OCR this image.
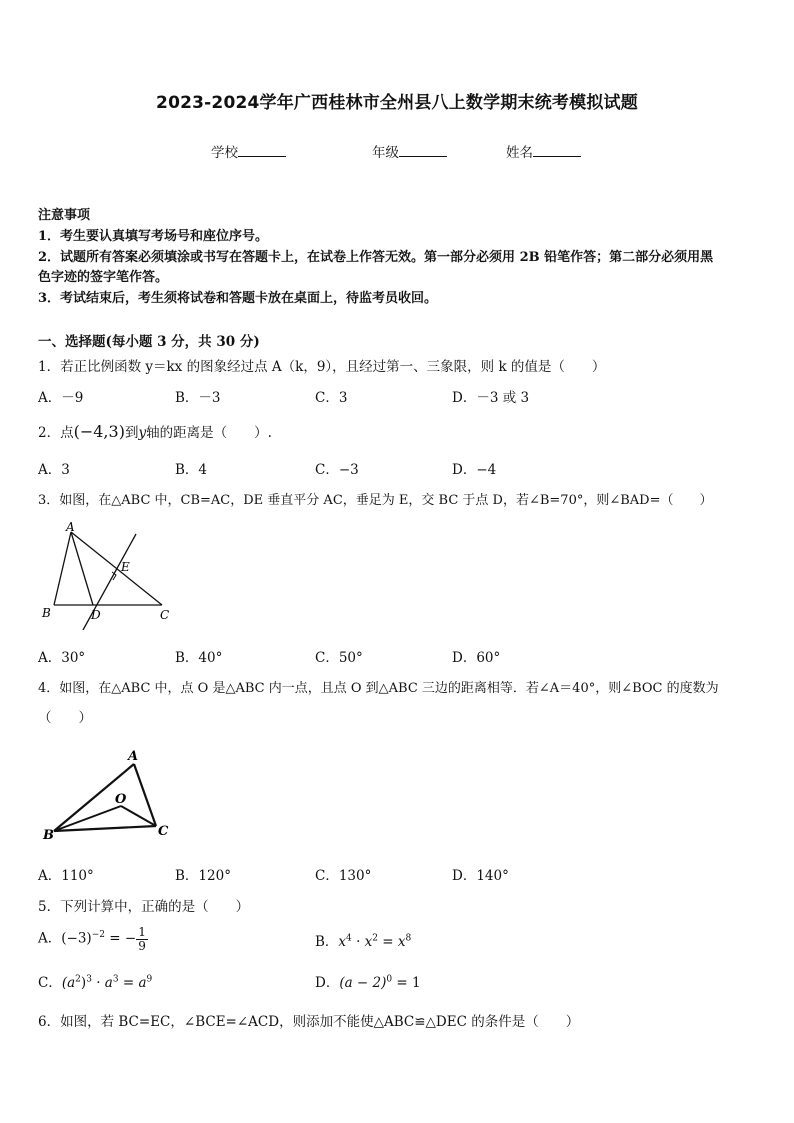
2023-2024学年广西桂林市全州县八上数学期末统考模拟试题
学校	年级	姓名
注意事项
1．考生要认真填写考场号和座位序号。
2．试题所有答案必须填涂或书写在答题卡上，在试卷上作答无效。第一部分必须用 2B 铅笔作答；第二部分必须用黑
色字迹的签字笔作答。
3．考试结束后，考生须将试卷和答题卡放在桌面上，待监考员收回。
一、选择题(每小题 3 分，共 30 分)
1．若正比例函数 y＝kx 的图象经过点 A（k，9），且经过第一、三象限，则 k 的值是（　　）
A．－9	B．－3	C．3	D．－3 或 3
2．点(−4,3)到y轴的距离是（　　）.
A．3	B．4	C．−3	D．−4
3．如图，在△ABC 中，CB=AC，DE 垂直平分 AC，垂足为 E，交 BC 于点 D，若∠B=70°，则∠BAD=（　　）
A
B	C
D
E
A．30°	B．40°	C．50°	D．60°
4．如图，在△ABC 中，点 O 是△ABC 内一点，且点 O 到△ABC 三边的距离相等．若∠A＝40°，则∠BOC 的度数为
（　　）
A
B	C
O
A．110°	B．120°	C．130°	D．140°
5．下列计算中，正确的是（　　）
A．$(-3)^{-2}$ = − $\frac{1}{9}$	B．$x^4 \cdot x^2 = x^8$
C．$(a^2)^3 \cdot a^3 = a^9$	D．$(a - 2)^0 = 1$
6．如图，若 BC=EC，∠BCE=∠ACD，则添加不能使△ABC≌△DEC 的条件是（　　）
